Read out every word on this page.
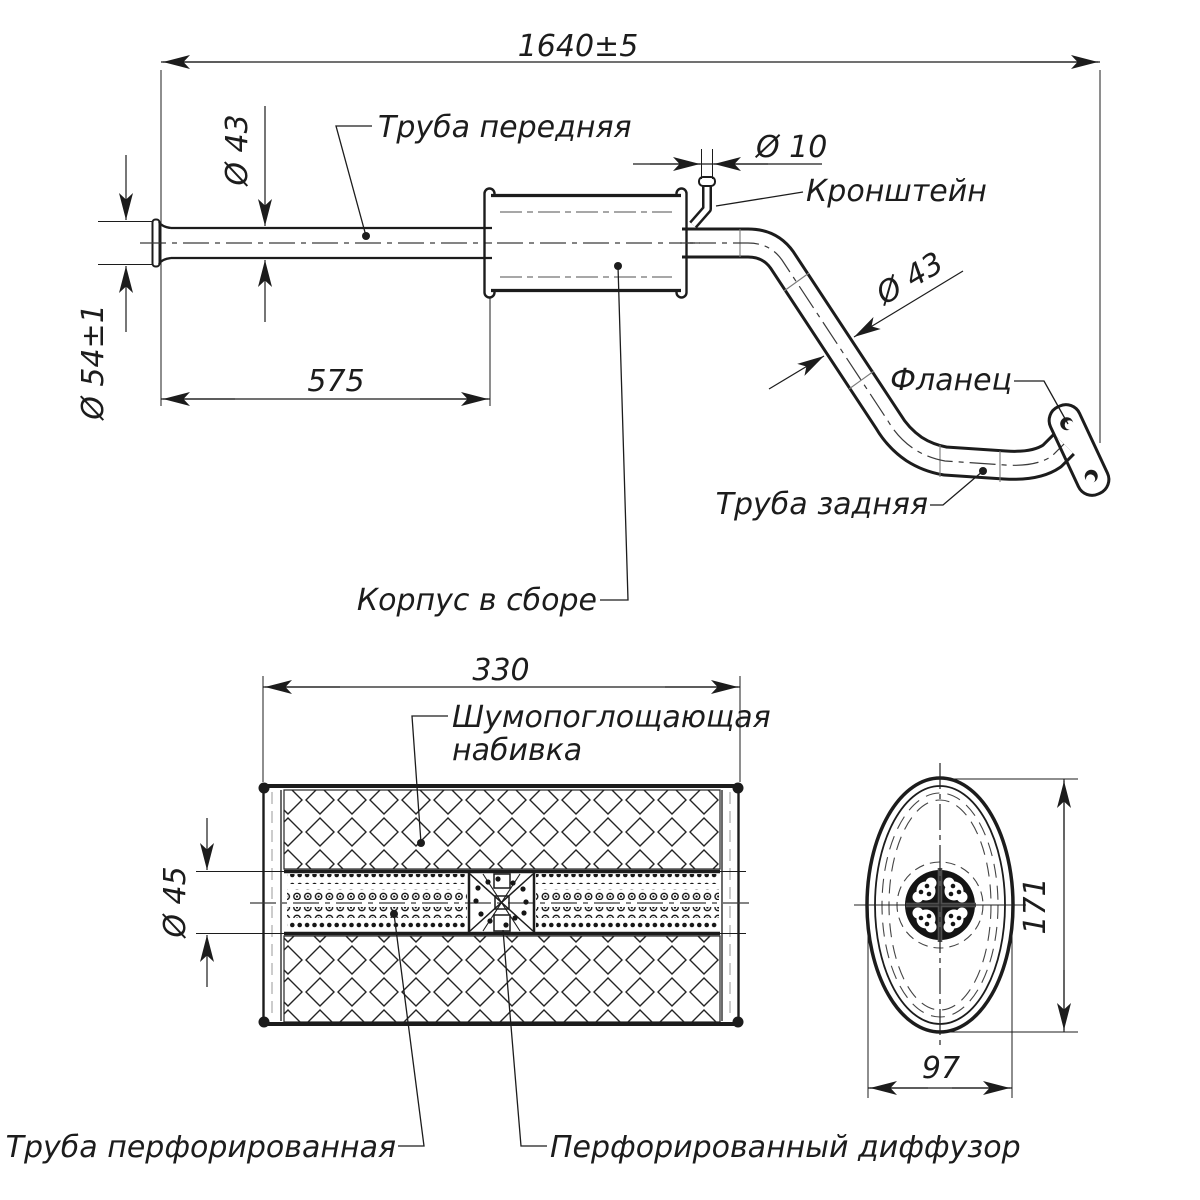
1640±5
Ø 43
Ø 54±1	575
Ø 10
Ø 43
Труба передняя
Кронштейн
Фланец
Труба задняя
Корпус в сборе
330
Ø 45
Шумопоглощающая
набивка
Труба перфорированная	Перфорированный диффузор
171
97
